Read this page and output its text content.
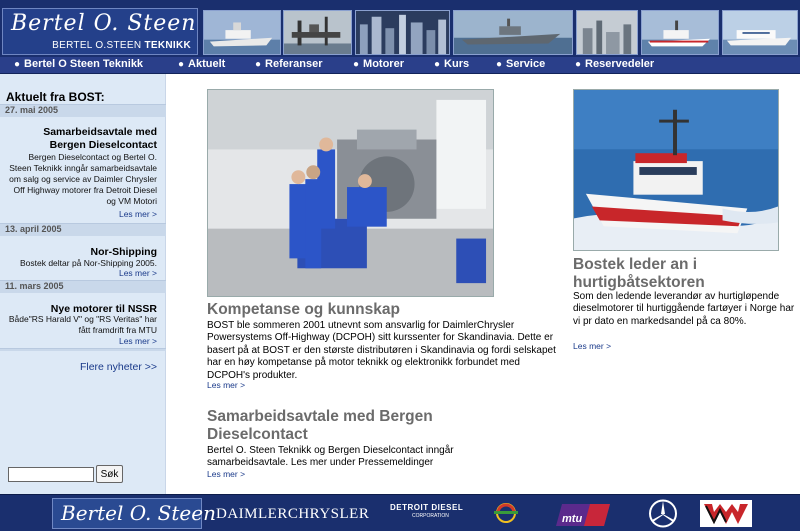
Bertel O. Steen
BERTEL O.STEEN TEKNIKK
● Bertel O Steen Teknikk	● Aktuelt	● Referanser	● Motorer	● Kurs	● Service	● Reservedeler
Aktuelt fra BOST:
27. mai 2005
Samarbeidsavtale med Bergen Dieselcontact
Bergen Dieselcontact og Bertel O. Steen Teknikk inngår samarbeidsavtale om salg og service av Daimler Chrysler Off Highway motorer fra Detroit Diesel og VM Motori
Les mer >
13. april 2005
Nor-Shipping
Bostek deltar på Nor-Shipping 2005.
Les mer >
11. mars 2005
Nye motorer til NSSR
Både"RS Harald V" og "RS Veritas" har fått framdrift fra MTU
Les mer >
Flere nyheter >>
Søk
Kompetanse og kunnskap
BOST ble sommeren 2001 utnevnt som ansvarlig for DaimlerChrysler Powersystems Off-Highway (DCPOH) sitt kurssenter for Skandinavia. Dette er basert på at BOST er den største distributøren i Skandinavia og fordi selskapet har en høy kompetanse på motor teknikk og elektronikk forbundet med DCPOH's produkter.
Les mer >
Samarbeidsavtale med Bergen Dieselcontact
Bertel O. Steen Teknikk og Bergen Dieselcontact inngår samarbeidsavtale. Les mer under Pressemeldinger
Les mer >
Bostek leder an i hurtigbåtsektoren
Som den ledende leverandør av hurtigløpende dieselmotorer til hurtiggående fartøyer i Norge har vi pr dato en markedsandel på ca 80%.
Les mer >
Bertel O. Steen DAIMLERCHRYSLER	DETROIT DIESEL
CORPORATION	mtu
